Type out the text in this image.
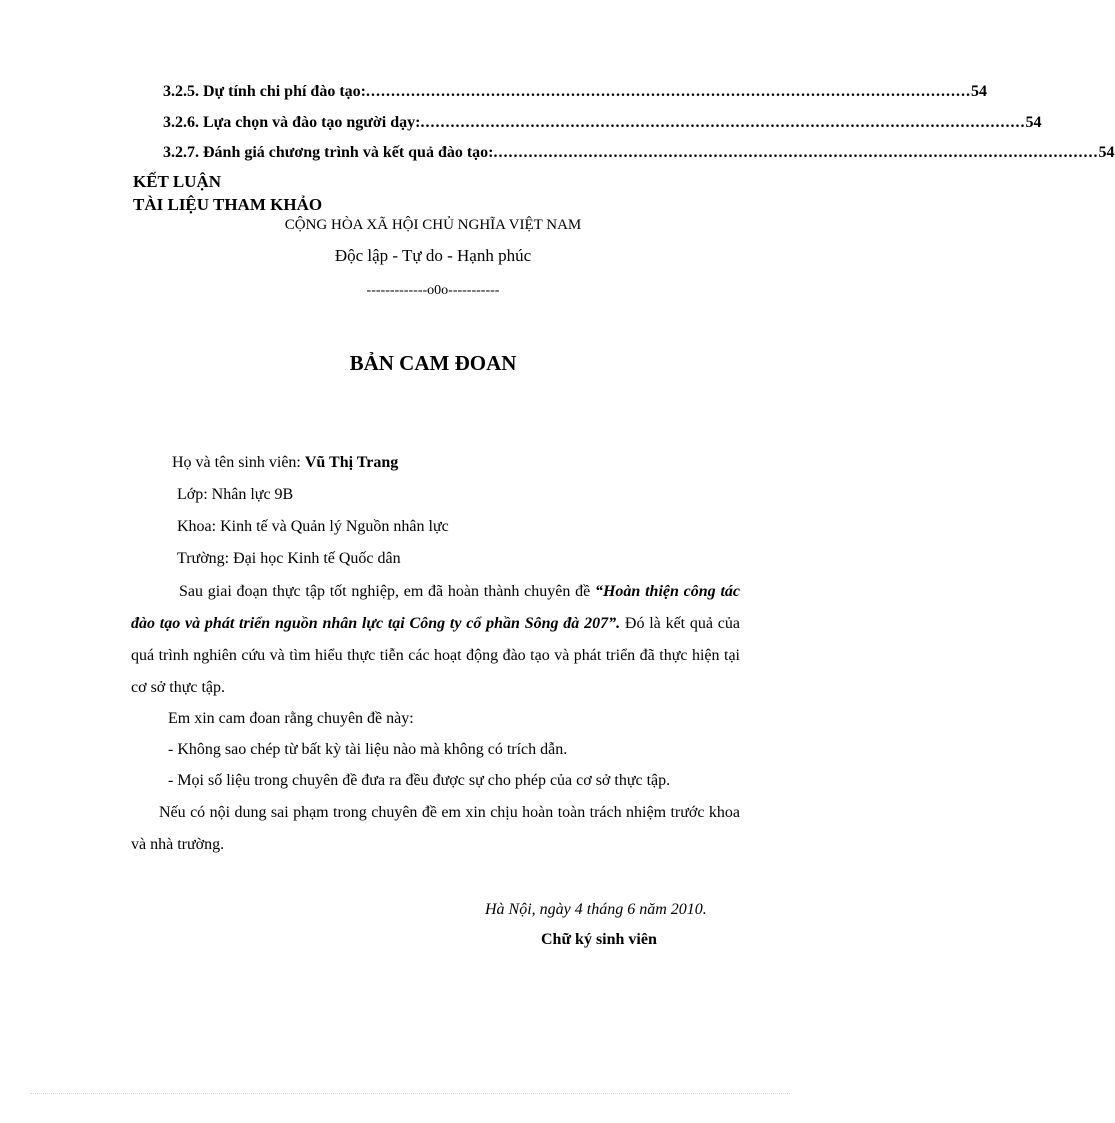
3.2.5. Dự tính chi phí đào tạo: ......................................................................................................................... 54
3.2.6. Lựa chọn và đào tạo người dạy: ......................................................................................................................... 54
3.2.7. Đánh giá chương trình và kết quả đào tạo: ......................................................................................................................... 54
KẾT LUẬN
TÀI LIỆU THAM KHẢO
CỘNG HÒA XÃ HỘI CHỦ NGHĨA VIỆT NAM
Độc lập - Tự do - Hạnh phúc
-------------o0o-----------
BẢN CAM ĐOAN
Họ và tên sinh viên: Vũ Thị Trang
Lớp: Nhân lực 9B
Khoa: Kinh tế và Quản lý Nguồn nhân lực
Trường: Đại học Kinh tế Quốc dân
Sau giai đoạn thực tập tốt nghiệp, em đã hoàn thành chuyên đề “Hoàn thiện công tác đào tạo và phát triển nguồn nhân lực tại Công ty cổ phần Sông đà 207”. Đó là kết quả của quá trình nghiên cứu và tìm hiểu thực tiễn các hoạt động đào tạo và phát triển đã thực hiện tại cơ sở thực tập.
Em xin cam đoan rằng chuyên đề này:
- Không sao chép từ bất kỳ tài liệu nào mà không có trích dẫn.
- Mọi số liệu trong chuyên đề đưa ra đều được sự cho phép của cơ sở thực tập.
Nếu có nội dung sai phạm trong chuyên đề em xin chịu hoàn toàn trách nhiệm trước khoa và nhà trường.
Hà Nội, ngày 4 tháng 6 năm 2010.
Chữ ký sinh viên
